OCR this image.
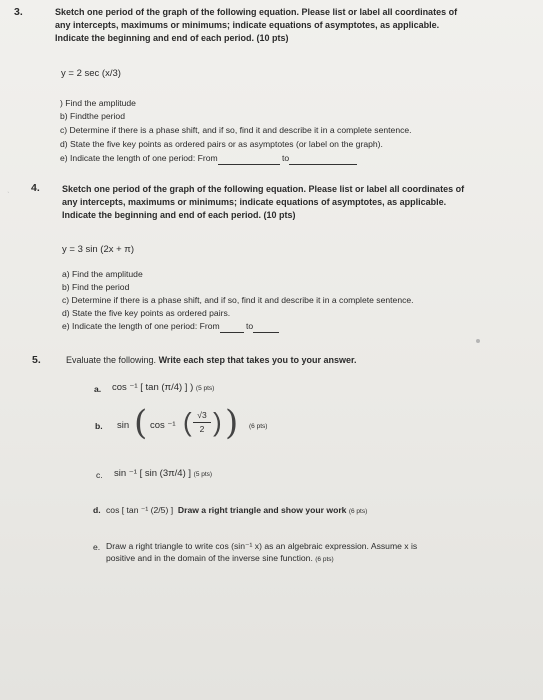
3.	Sketch one period of the graph of the following equation. Please list or label all coordinates of
any intercepts, maximums or minimums; indicate equations of asymptotes, as applicable.
Indicate the beginning and end of each period. (10 pts)
y = 2 sec (x/3)
) Find the amplitude
b) Findthe period
c) Determine if there is a phase shift, and if so, find it and describe it in a complete sentence.
d) State the five key points as ordered pairs or as asymptotes (or label on the graph).
e) Indicate the length of one period: From	to
ˎ 4. Sketch one period of the graph of the following equation. Please list or label all coordinates of
any intercepts, maximums or minimums; indicate equations of asymptotes, as applicable.
Indicate the beginning and end of each period. (10 pts)
y = 3 sin (2x + π)
a) Find the amplitude
b) Find the period
c) Determine if there is a phase shift, and if so, find it and describe it in a complete sentence.
d) State the five key points as ordered pairs.
e) Indicate the length of one period: From	to
5.	Evaluate the following. Write each step that takes you to your answer.
a. cos ⁻¹ [ tan (π/4) ] ) (5 pts)
b. sin ( cos ⁻¹ ( √3
2 ) ) (6 pts)
c. sin ⁻¹ [ sin (3π/4) ] (5 pts)
d. cos [ tan ⁻¹ (2/5) ] Draw a right triangle and show your work (6 pts)
e. Draw a right triangle to write cos (sin⁻¹ x) as an algebraic expression. Assume x is
positive and in the domain of the inverse sine function. (6 pts)
